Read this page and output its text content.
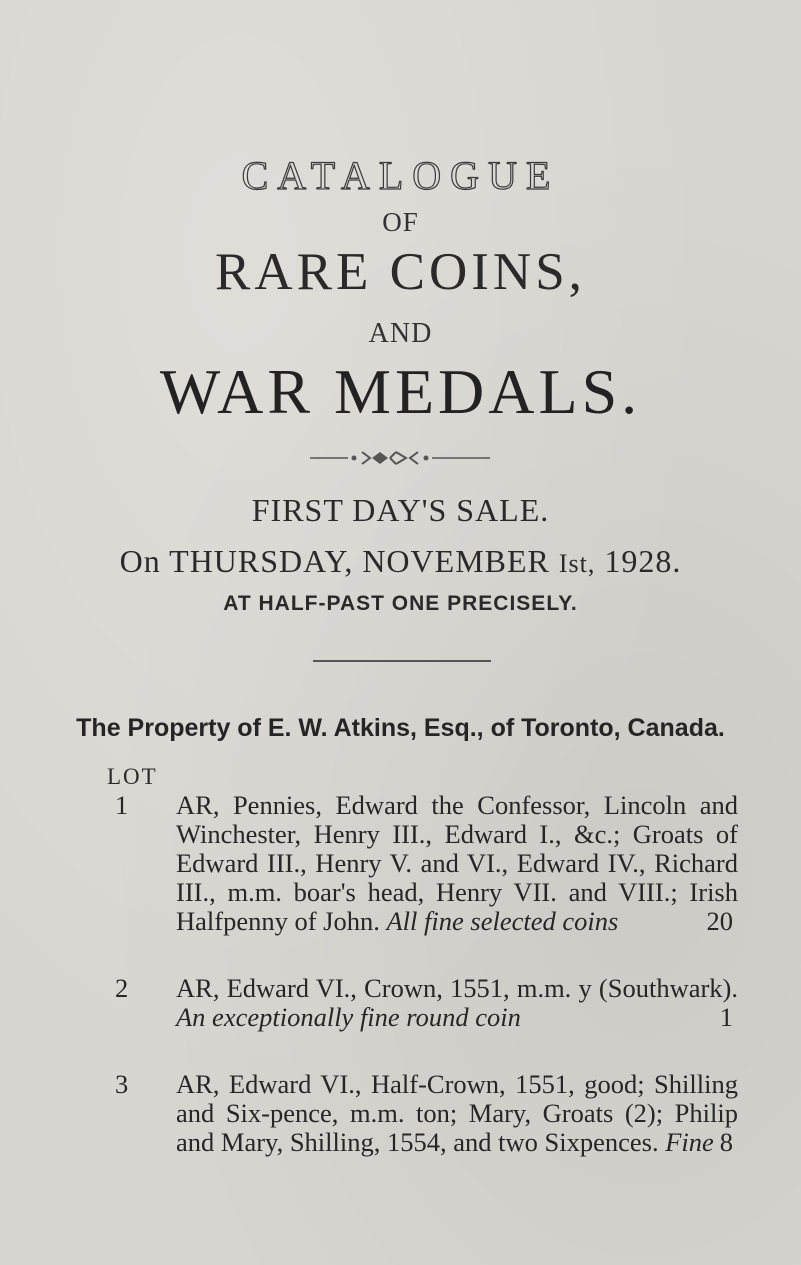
CATALOGUE
OF
RARE COINS,
AND
WAR MEDALS.
FIRST DAY'S SALE.
On THURSDAY, NOVEMBER Ist, 1928.
AT HALF-PAST ONE PRECISELY.
The Property of E. W. Atkins, Esq., of Toronto, Canada.
LOT
1 AR, Pennies, Edward the Confessor, Lincoln and Winchester, Henry III., Edward I., &c.; Groats of Edward III., Henry V. and VI., Edward IV., Richard III., m.m. boar's head, Henry VII. and VIII.; Irish Halfpenny of John. All fine selected coins	20
2 AR, Edward VI., Crown, 1551, m.m. y (Southwark). An exceptionally fine round coin	1
3 AR, Edward VI., Half-Crown, 1551, good; Shilling and Six-pence, m.m. ton; Mary, Groats (2); Philip and Mary, Shilling, 1554, and two Sixpences. Fine 8
